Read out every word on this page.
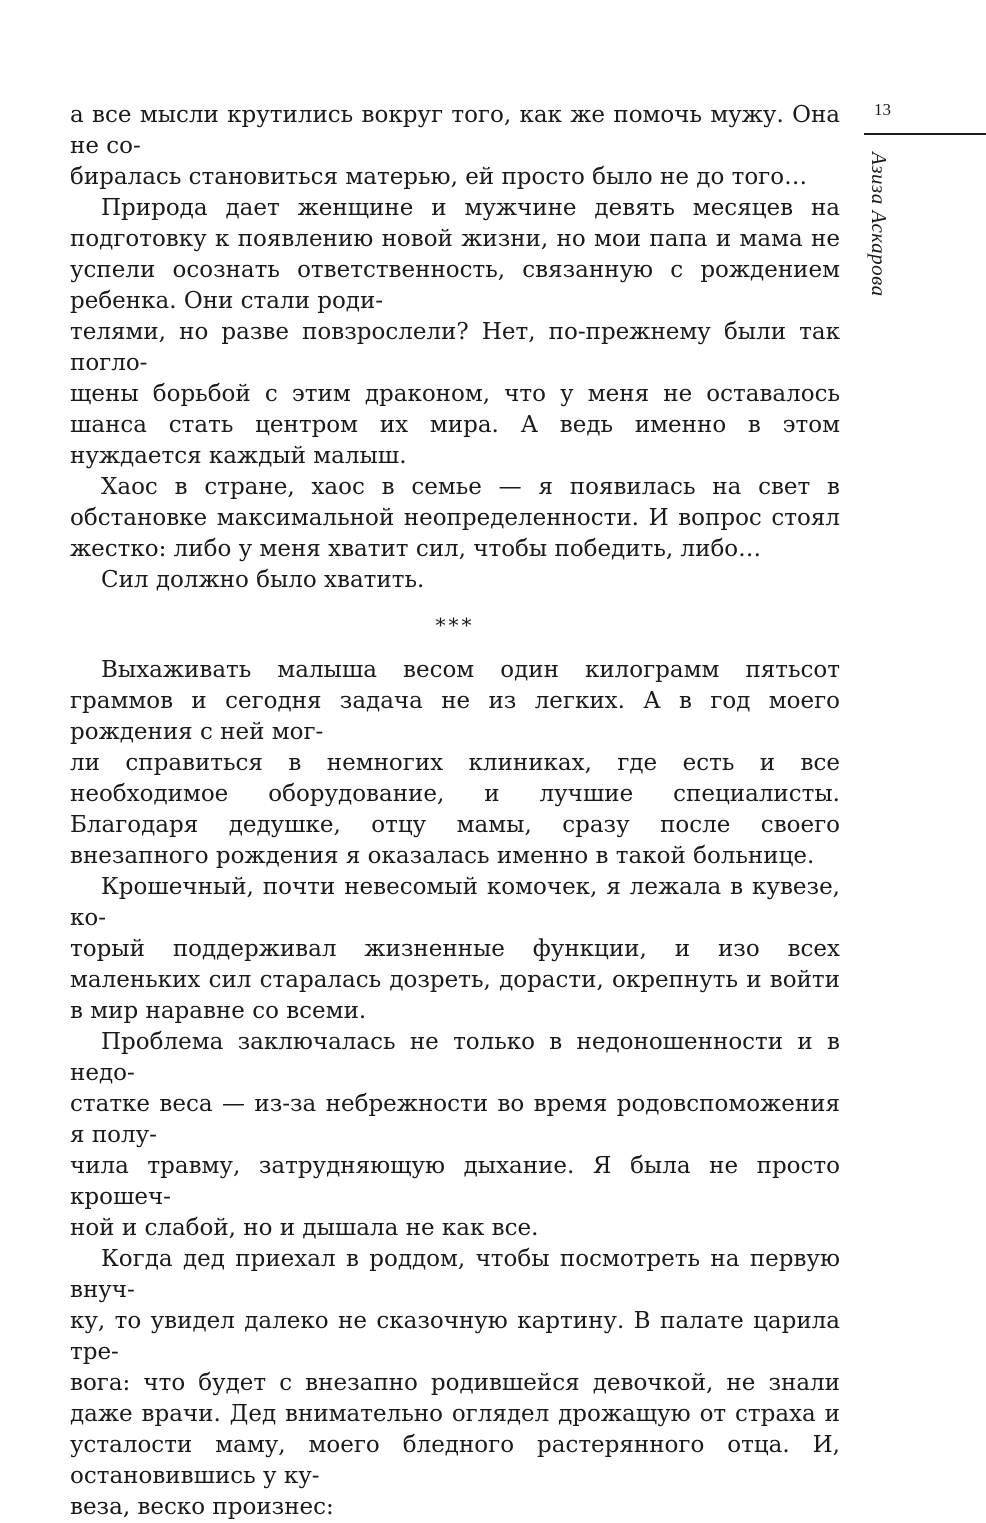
13
Азиза Аскарова

а все мысли крутились вокруг того, как же помочь мужу. Она не со-
биралась становиться матерью, ей просто было не до того…

Природа дает женщине и мужчине девять месяцев на подготовку к появлению новой жизни, но мои папа и мама не успели осознать ответственность, связанную с рождением ребенка. Они стали роди-
телями, но разве повзрослели? Нет, по-прежнему были так погло-
щены борьбой с этим драконом, что у меня не оставалось шанса стать центром их мира. А ведь именно в этом нуждается каждый малыш.

Хаос в стране, хаос в семье — я появилась на свет в обстановке максимальной неопределенности. И вопрос стоял жестко: либо у меня хватит сил, чтобы победить, либо…

Сил должно было хватить.

***

Выхаживать малыша весом один килограмм пятьсот граммов и сегодня задача не из легких. А в год моего рождения с ней мог-
ли справиться в немногих клиниках, где есть и все необходимое оборудование, и лучшие специалисты. Благодаря дедушке, отцу мамы, сразу после своего внезапного рождения я оказалась именно в такой больнице.

Крошечный, почти невесомый комочек, я лежала в кувезе, ко-
торый поддерживал жизненные функции, и изо всех маленьких сил старалась дозреть, дорасти, окрепнуть и войти в мир наравне со всеми.

Проблема заключалась не только в недоношенности и в недо-
статке веса — из-за небрежности во время родовспоможения я полу-
чила травму, затрудняющую дыхание. Я была не просто крошеч-
ной и слабой, но и дышала не как все.

Когда дед приехал в роддом, чтобы посмотреть на первую внуч-
ку, то увидел далеко не сказочную картину. В палате царила тре-
вога: что будет с внезапно родившейся девочкой, не знали даже врачи. Дед внимательно оглядел дрожащую от страха и усталости маму, моего бледного растерянного отца. И, остановившись у ку-
веза, веско произнес:
